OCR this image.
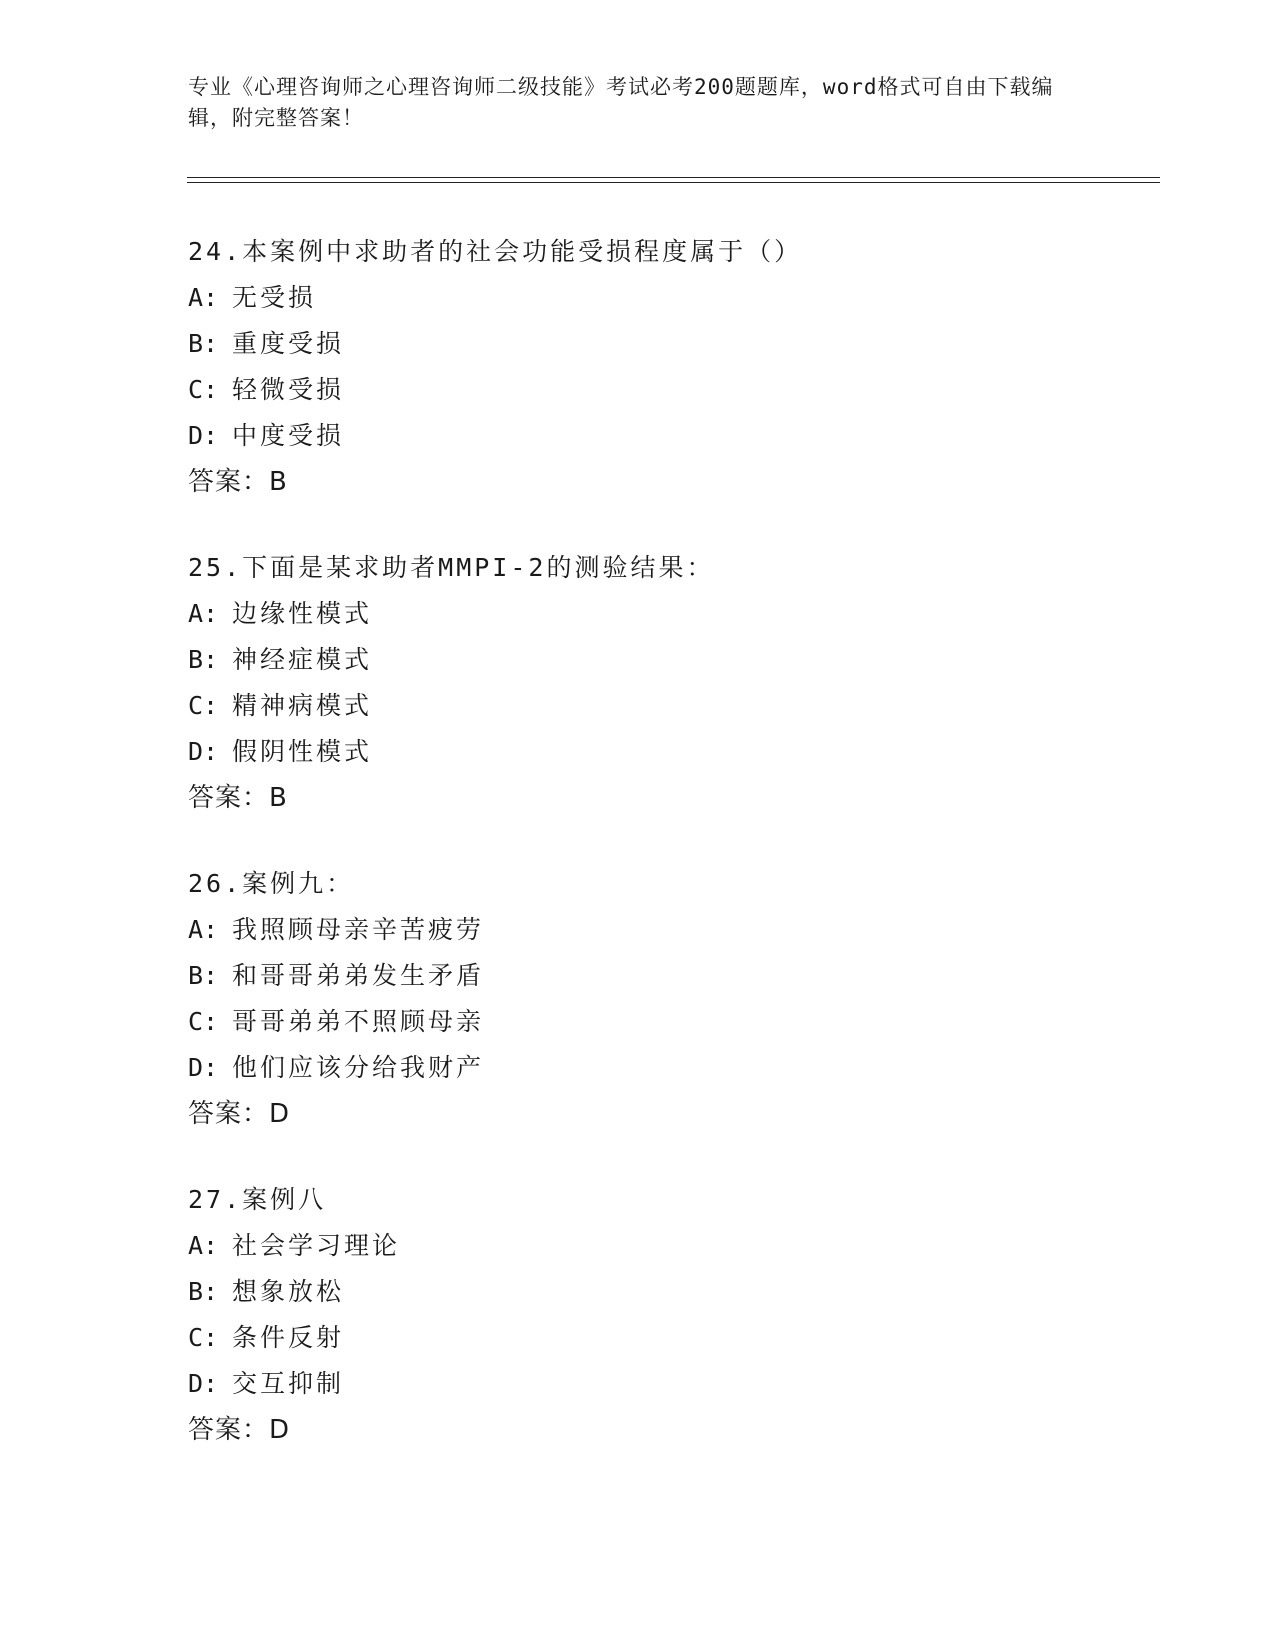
专业《心理咨询师之心理咨询师二级技能》考试必考200题题库，word格式可自由下载编辑，附完整答案！
24.本案例中求助者的社会功能受损程度属于（）
A: 无受损
B: 重度受损
C: 轻微受损
D: 中度受损
答案：B
25.下面是某求助者MMPI-2的测验结果：
A: 边缘性模式
B: 神经症模式
C: 精神病模式
D: 假阴性模式
答案：B
26.案例九：
A: 我照顾母亲辛苦疲劳
B: 和哥哥弟弟发生矛盾
C: 哥哥弟弟不照顾母亲
D: 他们应该分给我财产
答案：D
27.案例八
A: 社会学习理论
B: 想象放松
C: 条件反射
D: 交互抑制
答案：D
